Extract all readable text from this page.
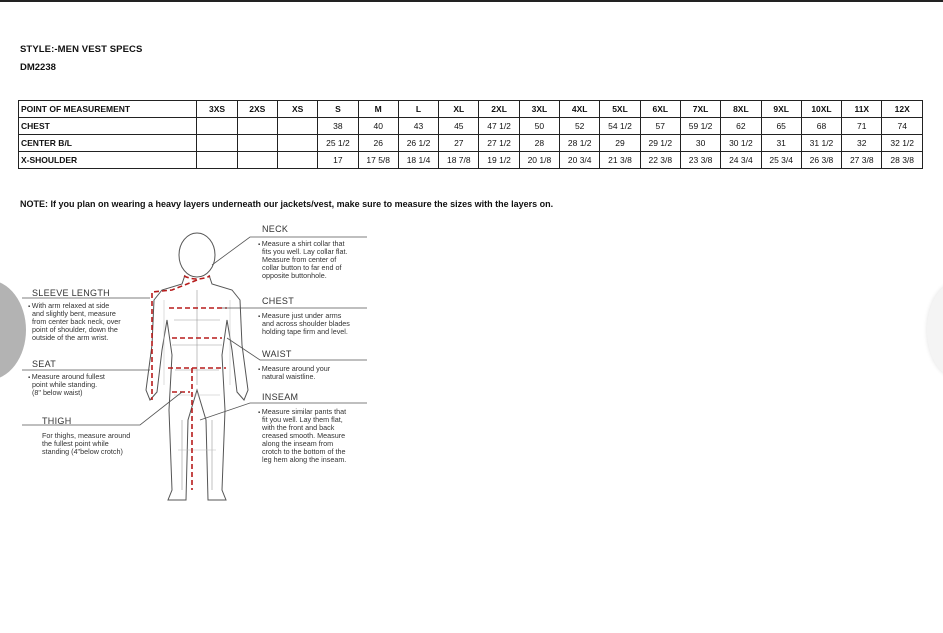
STYLE:-MEN VEST SPECS
DM2238
POINT OF MEASUREMENT	3XS	2XS	XS	S	M	L	XL	2XL	3XL	4XL	5XL	6XL	7XL	8XL	9XL	10XL	11X	12X
CHEST				38	40	43	45	47 1/2	50	52	54 1/2	57	59 1/2	62	65	68	71	74
CENTER B/L				25 1/2	26	26 1/2	27	27 1/2	28	28 1/2	29	29 1/2	30	30 1/2	31	31 1/2	32	32 1/2
X-SHOULDER				17	17 5/8	18 1/4	18 7/8	19 1/2	20 1/8	20 3/4	21 3/8	22 3/8	23 3/8	24 3/4	25 3/4	26 3/8	27 3/8	28 3/8
NOTE: If you plan on wearing a heavy layers underneath our jackets/vest, make sure to measure the sizes with the layers on.
SLEEVE LENGTH
▪ With arm relaxed at side
and slightly bent, measure
from center back neck, over
point of shoulder, down the
outside of the arm wrist.
SEAT
▪ Measure around fullest
point while standing.
(8" below waist)
THIGH
For thighs, measure around
the fullest point while
standing (4"below crotch)
NECK
▪ Measure a shirt collar that
fits you well. Lay collar flat.
Measure from center of
collar button to far end of
opposite buttonhole.
CHEST
▪ Measure just under arms
and across shoulder blades
holding tape firm and level.
WAIST
▪ Measure around your
natural waistline.
INSEAM
▪ Measure similar pants that
fit you well. Lay them flat,
with the front and back
creased smooth. Measure
along the inseam from
crotch to the bottom of the
leg hem along the inseam.
